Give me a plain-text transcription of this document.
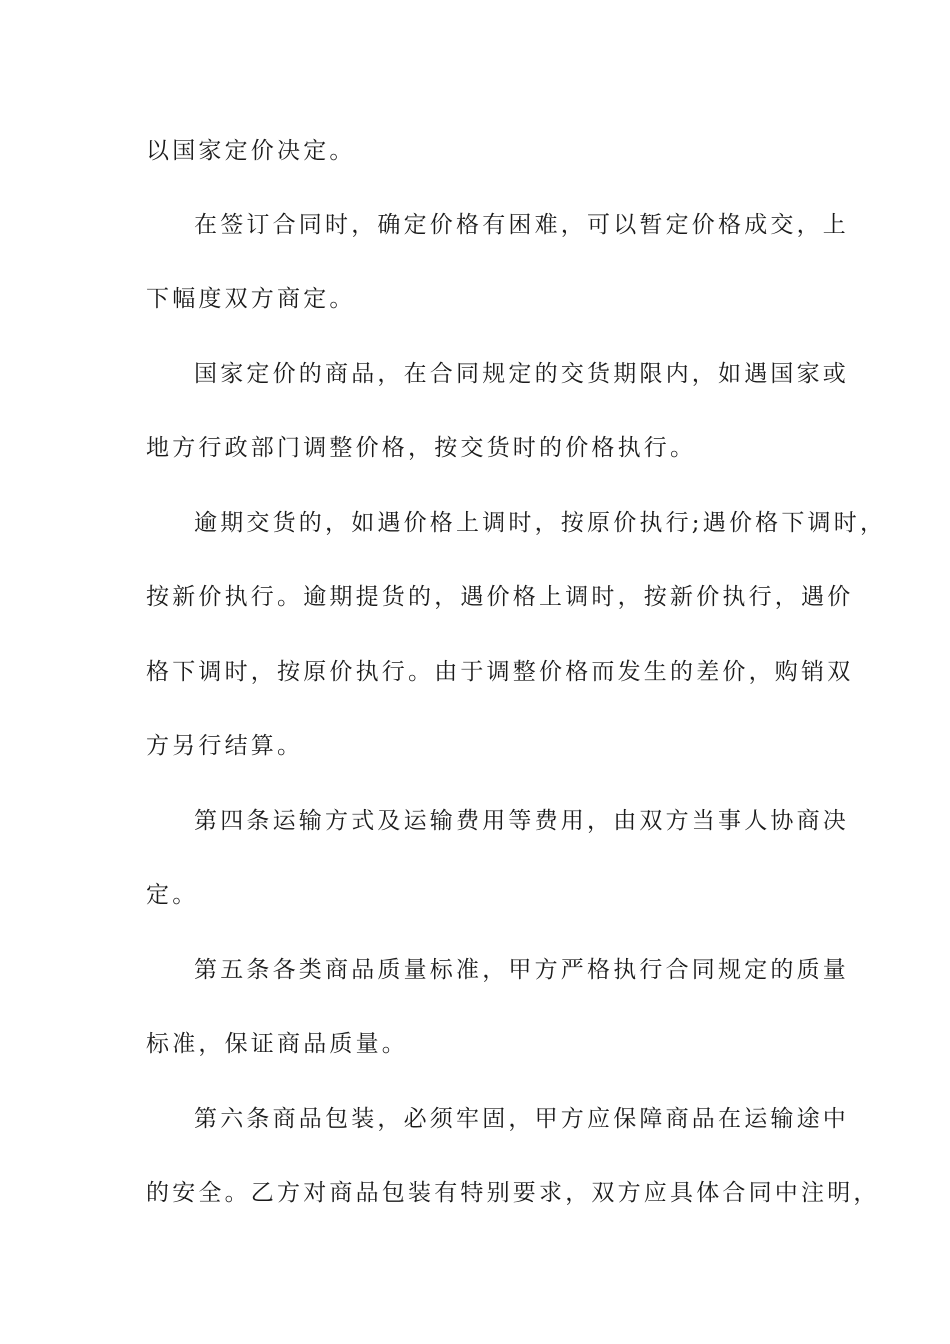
以国家定价决定。
在签订合同时，确定价格有困难，可以暂定价格成交，上
下幅度双方商定。
国家定价的商品，在合同规定的交货期限内，如遇国家或
地方行政部门调整价格，按交货时的价格执行。
逾期交货的，如遇价格上调时，按原价执行;遇价格下调时，
按新价执行。逾期提货的，遇价格上调时，按新价执行，遇价
格下调时，按原价执行。由于调整价格而发生的差价，购销双
方另行结算。
第四条运输方式及运输费用等费用，由双方当事人协商决
定。
第五条各类商品质量标准，甲方严格执行合同规定的质量
标准，保证商品质量。
第六条商品包装，必须牢固，甲方应保障商品在运输途中
的安全。乙方对商品包装有特别要求，双方应具体合同中注明，
